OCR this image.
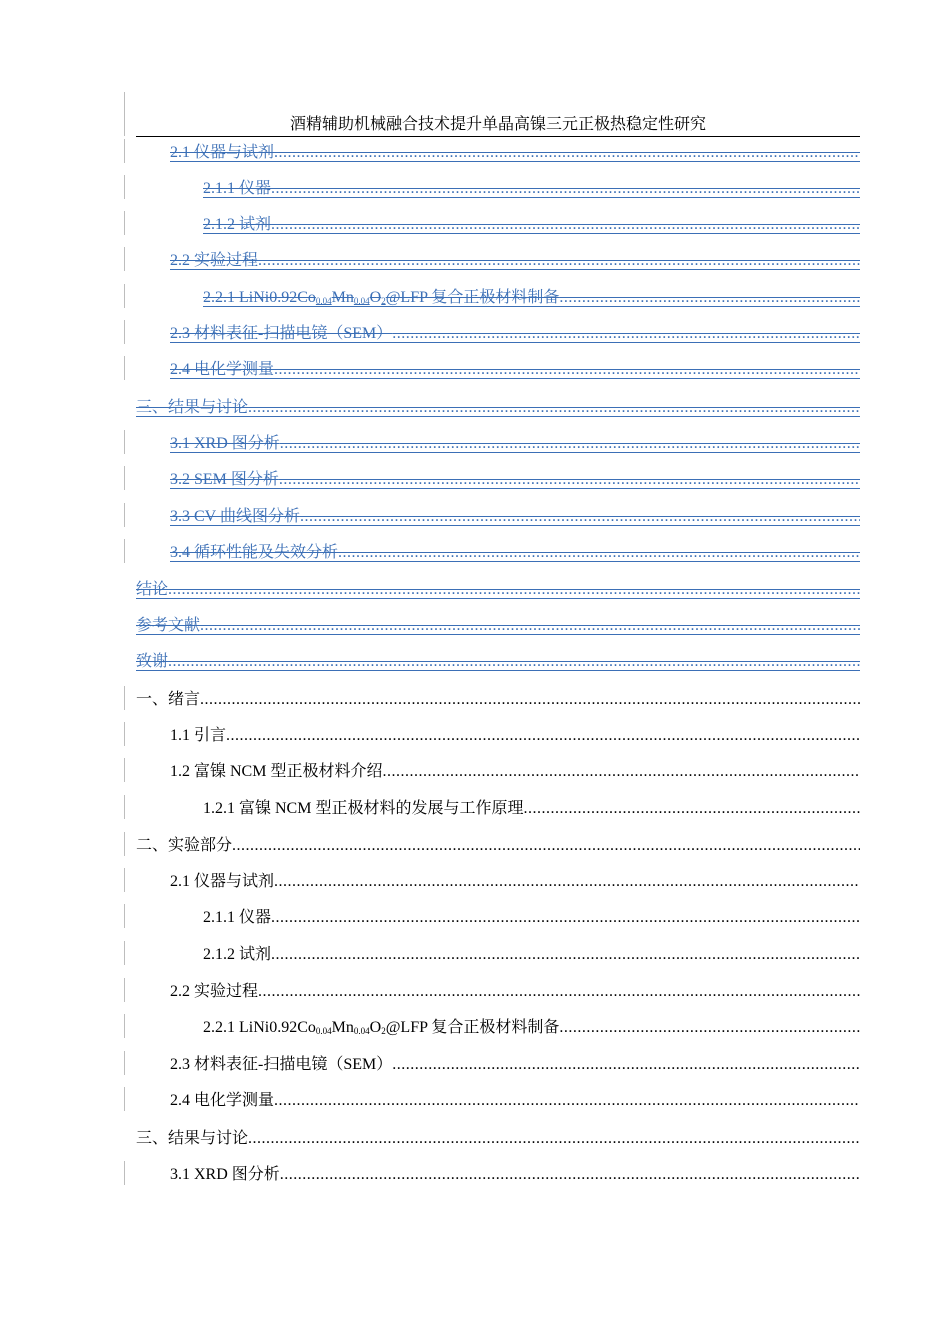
酒精辅助机械融合技术提升单晶高镍三元正极热稳定性研究
2.1 仪器与试剂
.....
2.1.1 仪器
.....
2.1.2 试剂
.....
2.2 实验过程
.....
2.2.1 $LiNi0.92Co_{0.04}Mn_{0.04}O_2@LFP$ 复合正极材料制备
.....
2.3 材料表征-扫描电镜（SEM）
.....
2.4 电化学测量
.....
三、结果与讨论
.....
3.1 XRD 图分析
.....
3.2 SEM 图分析
.....
3.3 CV 曲线图分析
.....
3.4 循环性能及失效分析
.....
结论
.....
参考文献
.....
致谢
.....
一、绪言
.....
1.1 引言
.....
1.2 富镍 NCM 型正极材料介绍
.....
1.2.1 富镍 NCM 型正极材料的发展与工作原理
.....
二、实验部分
.....
2.1 仪器与试剂
.....
2.1.1 仪器
.....
2.1.2 试剂
.....
2.2 实验过程
.....
2.2.1 $LiNi0.92Co_{0.04}Mn_{0.04}O_2@LFP$ 复合正极材料制备
.....
2.3 材料表征-扫描电镜（SEM）
.....
2.4 电化学测量
.....
三、结果与讨论
.....
3.1 XRD 图分析
.....
